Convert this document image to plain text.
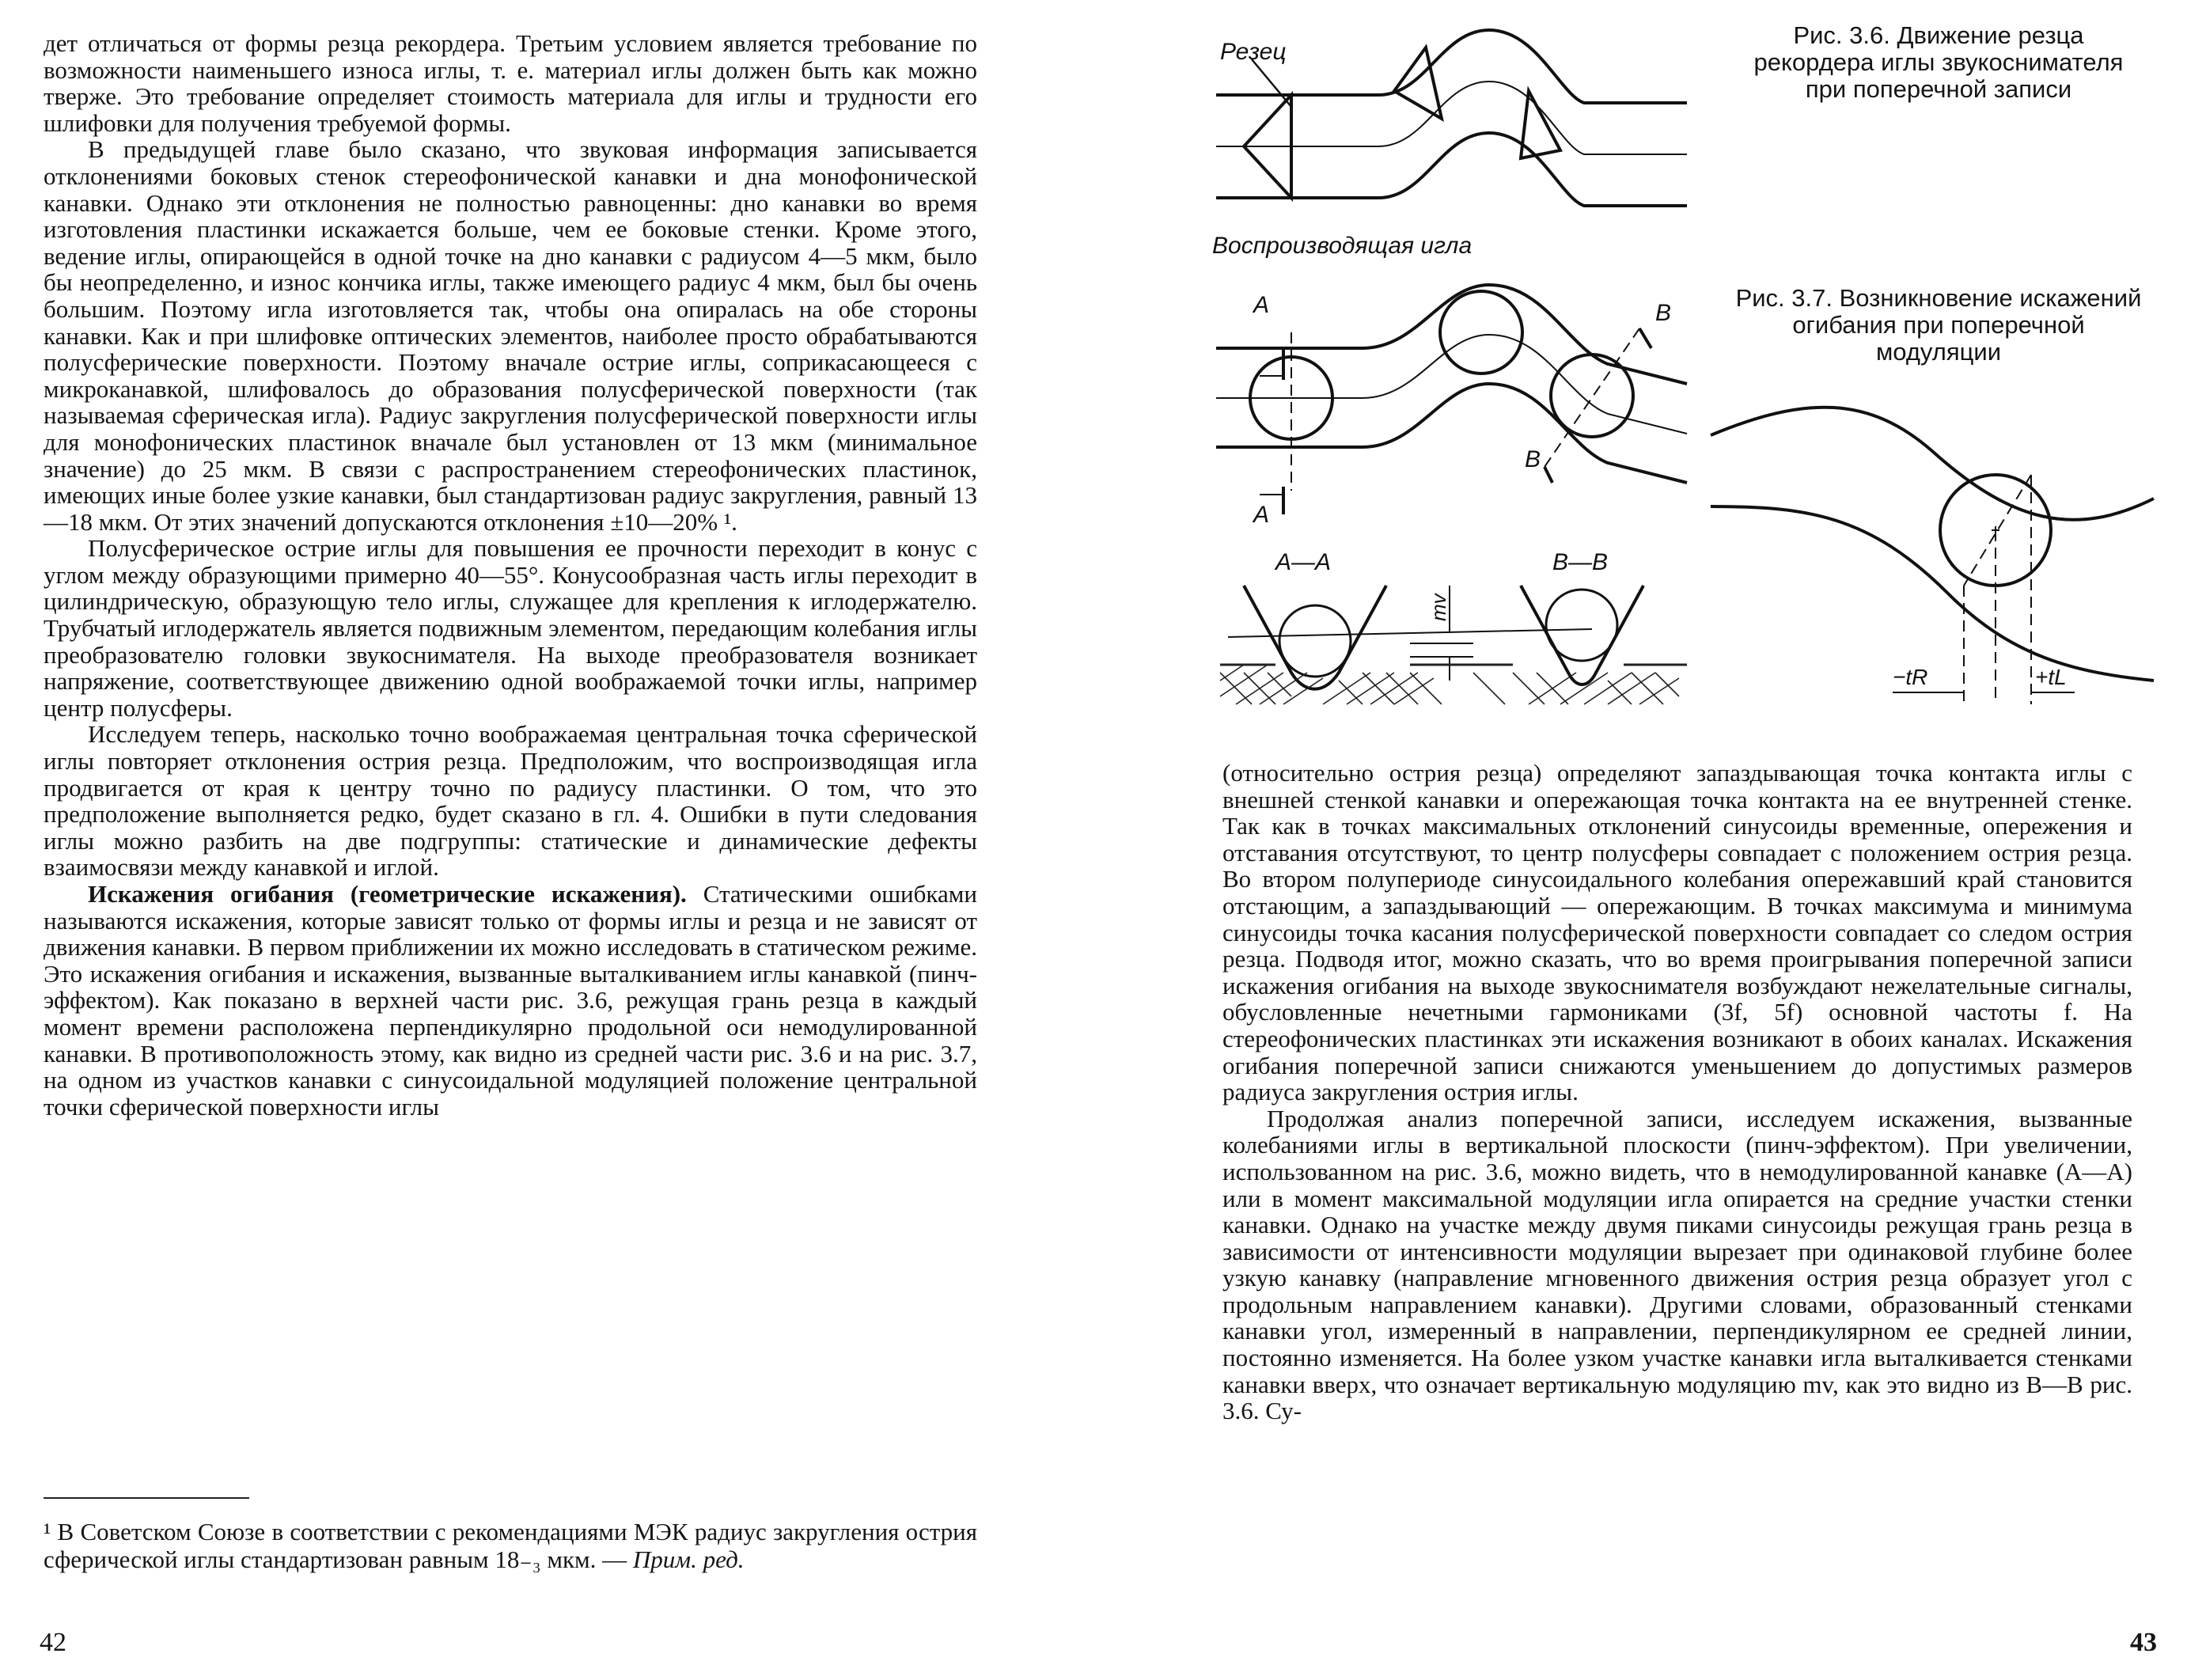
дет отличаться от формы резца рекордера. Третьим условием является требование по возможности наименьшего износа иглы, т. е. материал иглы должен быть как можно тверже. Это требование определяет стоимость материала для иглы и трудности его шлифовки для получения требуемой формы.

В предыдущей главе было сказано, что звуковая информация записывается отклонениями боковых стенок стереофонической канавки и дна монофонической канавки. Однако эти отклонения не полностью равноценны: дно канавки во время изготовления пластинки искажается больше, чем ее боковые стенки. Кроме этого, ведение иглы, опирающейся в одной точке на дно канавки с радиусом 4—5 мкм, было бы неопределенно, и износ кончика иглы, также имеющего радиус 4 мкм, был бы очень большим. Поэтому игла изготовляется так, чтобы она опиралась на обе стороны канавки. Как и при шлифовке оптических элементов, наиболее просто обрабатываются полусферические поверхности. Поэтому вначале острие иглы, соприкасающееся с микроканавкой, шлифовалось до образования полусферической поверхности (так называемая сферическая игла). Радиус закругления полусферической поверхности иглы для монофонических пластинок вначале был установлен от 13 мкм (минимальное значение) до 25 мкм. В связи с распространением стереофонических пластинок, имеющих иные более узкие канавки, был стандартизован радиус закругления, равный 13—18 мкм. От этих значений допускаются отклонения ±10—20% ¹.

Полусферическое острие иглы для повышения ее прочности переходит в конус с углом между образующими примерно 40—55°. Конусообразная часть иглы переходит в цилиндрическую, образующую тело иглы, служащее для крепления к иглодержателю. Трубчатый иглодержатель является подвижным элементом, передающим колебания иглы преобразователю головки звукоснимателя. На выходе преобразователя возникает напряжение, соответствующее движению одной воображаемой точки иглы, например центр полусферы.

Исследуем теперь, насколько точно воображаемая центральная точка сферической иглы повторяет отклонения острия резца. Предположим, что воспроизводящая игла продвигается от края к центру точно по радиусу пластинки. О том, что это предположение выполняется редко, будет сказано в гл. 4. Ошибки в пути следования иглы можно разбить на две подгруппы: статические и динамические дефекты взаимосвязи между канавкой и иглой.

Искажения огибания (геометрические искажения). Статическими ошибками называются искажения, которые зависят только от формы иглы и резца и не зависят от движения канавки. В первом приближении их можно исследовать в статическом режиме. Это искажения огибания и искажения, вызванные выталкиванием иглы канавкой (пинч-эффектом). Как показано в верхней части рис. 3.6, режущая грань резца в каждый момент времени расположена перпендикулярно продольной оси немодулированной канавки. В противоположность этому, как видно из средней части рис. 3.6 и на рис. 3.7, на одном из участков канавки с синусоидальной модуляцией положение центральной точки сферической поверхности иглы

¹ В Советском Союзе в соответствии с рекомендациями МЭК радиус закругления острия сферической иглы стандартизован равным 18₋₃ мкм. — Прим. ред.
42
Резец
Воспроизводящая игла
A
A
B
B
A—A	B—B
mv
Рис. 3.6. Движение резца рекордера иглы звукоснимателя при поперечной записи
Рис. 3.7. Возникновение искажений огибания при поперечной модуляции
−tR	+tL

(относительно острия резца) определяют запаздывающая точка контакта иглы с внешней стенкой канавки и опережающая точка контакта на ее внутренней стенке. Так как в точках максимальных отклонений синусоиды временные, опережения и отставания отсутствуют, то центр полусферы совпадает с положением острия резца. Во втором полупериоде синусоидального колебания опережавший край становится отстающим, а запаздывающий — опережающим. В точках максимума и минимума синусоиды точка касания полусферической поверхности совпадает со следом острия резца. Подводя итог, можно сказать, что во время проигрывания поперечной записи искажения огибания на выходе звукоснимателя возбуждают нежелательные сигналы, обусловленные нечетными гармониками (3f, 5f) основной частоты f. На стереофонических пластинках эти искажения возникают в обоих каналах. Искажения огибания поперечной записи снижаются уменьшением до допустимых размеров радиуса закругления острия иглы.

Продолжая анализ поперечной записи, исследуем искажения, вызванные колебаниями иглы в вертикальной плоскости (пинч-эффектом). При увеличении, использованном на рис. 3.6, можно видеть, что в немодулированной канавке (A—A) или в момент максимальной модуляции игла опирается на средние участки стенки канавки. Однако на участке между двумя пиками синусоиды режущая грань резца в зависимости от интенсивности модуляции вырезает при одинаковой глубине более узкую канавку (направление мгновенного движения острия резца образует угол с продольным направлением канавки). Другими словами, образованный стенками канавки угол, измеренный в направлении, перпендикулярном ее средней линии, постоянно изменяется. На более узком участке канавки игла выталкивается стенками канавки вверх, что означает вертикальную модуляцию mv, как это видно из B—B рис. 3.6. Су-

43
